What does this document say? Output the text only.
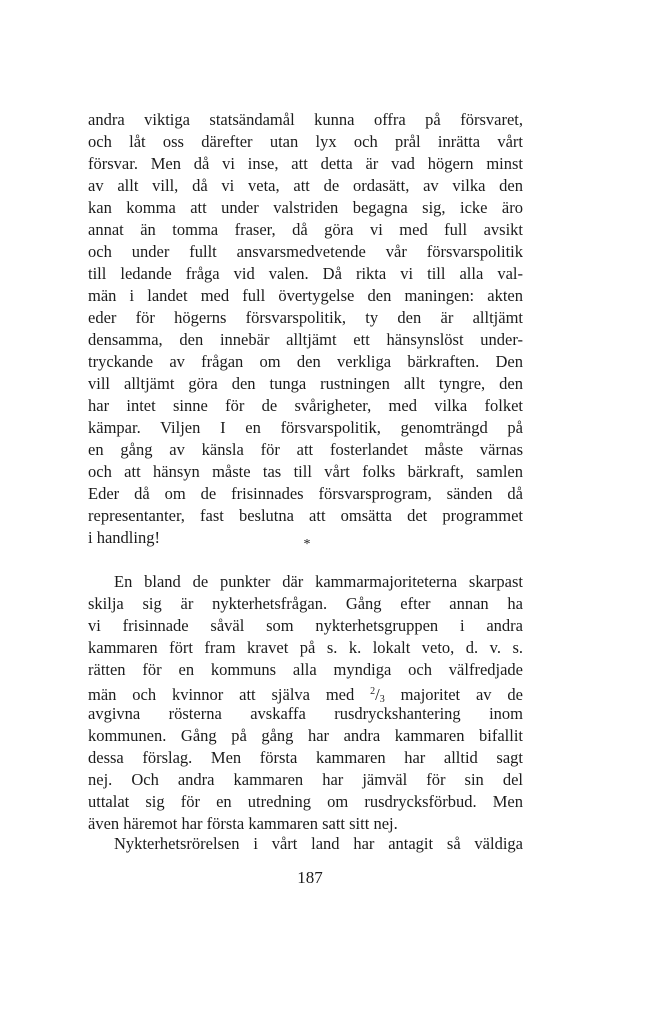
andra viktiga statsändamål kunna offra på försvaret,
och låt oss därefter utan lyx och prål inrätta vårt
försvar. Men då vi inse, att detta är vad högern minst
av allt vill, då vi veta, att de ordasätt, av vilka den
kan komma att under valstriden begagna sig, icke äro
annat än tomma fraser, då göra vi med full avsikt
och under fullt ansvarsmedvetende vår försvarspolitik
till ledande fråga vid valen. Då rikta vi till alla val-
män i landet med full övertygelse den maningen: akten
eder för högerns försvarspolitik, ty den är alltjämt
densamma, den innebär alltjämt ett hänsynslöst under-
tryckande av frågan om den verkliga bärkraften. Den
vill alltjämt göra den tunga rustningen allt tyngre, den
har intet sinne för de svårigheter, med vilka folket
kämpar. Viljen I en försvarspolitik, genomträngd på
en gång av känsla för att fosterlandet måste värnas
och att hänsyn måste tas till vårt folks bärkraft, samlen
Eder då om de frisinnades försvarsprogram, sänden då
representanter, fast beslutna att omsätta det programmet
i handling!	*
En bland de punkter där kammarmajoriteterna skarpast
skilja sig är nykterhetsfrågan. Gång efter annan ha
vi frisinnade såväl som nykterhetsgruppen i andra
kammaren fört fram kravet på s. k. lokalt veto, d. v. s.
rätten för en kommuns alla myndiga och välfredjade
män och kvinnor att själva med $^2/_3$ majoritet av de
avgivna rösterna avskaffa rusdryckshantering inom
kommunen. Gång på gång har andra kammaren bifallit
dessa förslag. Men första kammaren har alltid sagt
nej. Och andra kammaren har jämväl för sin del
uttalat sig för en utredning om rusdrycksförbud. Men
även häremot har första kammaren satt sitt nej.
Nykterhetsrörelsen i vårt land har antagit så väldiga
187
